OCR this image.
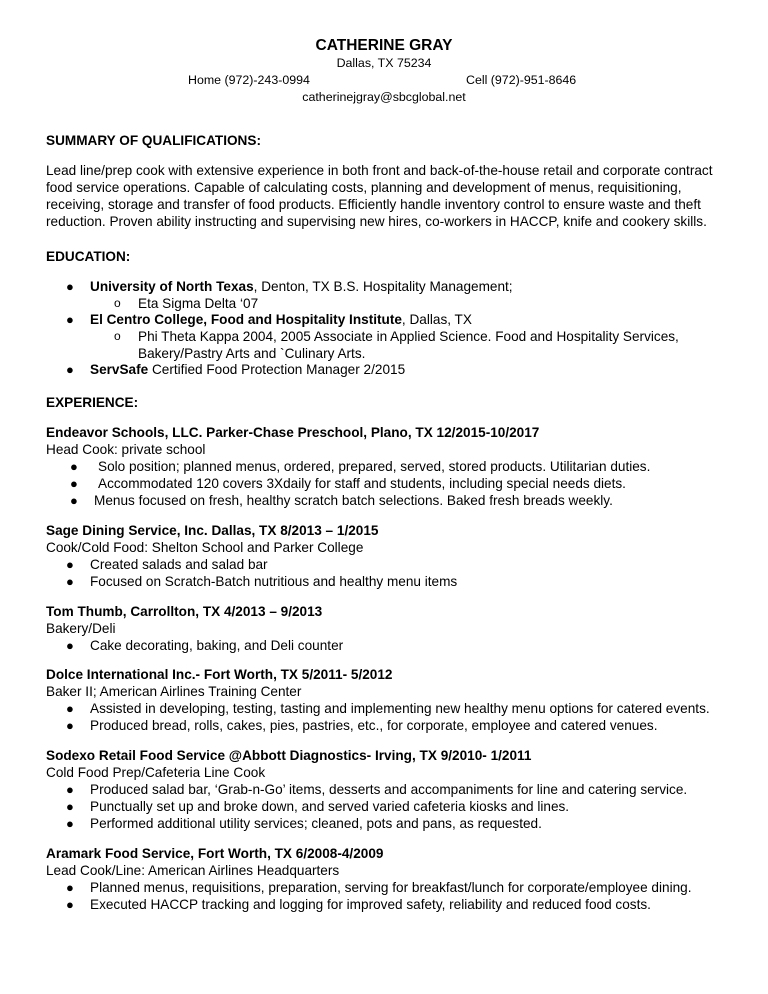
CATHERINE GRAY
Dallas, TX 75234
Home (972)-243-0994	Cell (972)-951-8646
catherinejgray@sbcglobal.net
SUMMARY OF QUALIFICATIONS:
Lead line/prep cook with extensive experience in both front and back-of-the-house retail and corporate contract
food service operations. Capable of calculating costs, planning and development of menus, requisitioning,
receiving, storage and transfer of food products. Efficiently handle inventory control to ensure waste and theft
reduction. Proven ability instructing and supervising new hires, co-workers in HACCP, knife and cookery skills.
EDUCATION:
● University of North Texas, Denton, TX B.S. Hospitality Management;
o Eta Sigma Delta ‘07
● El Centro College, Food and Hospitality Institute, Dallas, TX
o Phi Theta Kappa 2004, 2005 Associate in Applied Science. Food and Hospitality Services,
Bakery/Pastry Arts and `Culinary Arts.
● ServSafe Certified Food Protection Manager 2/2015
EXPERIENCE:
Endeavor Schools, LLC. Parker-Chase Preschool, Plano, TX 12/2015-10/2017
Head Cook: private school
● Solo position; planned menus, ordered, prepared, served, stored products. Utilitarian duties.
● Accommodated 120 covers 3Xdaily for staff and students, including special needs diets.
● Menus focused on fresh, healthy scratch batch selections. Baked fresh breads weekly.
Sage Dining Service, Inc. Dallas, TX 8/2013 – 1/2015
Cook/Cold Food: Shelton School and Parker College
● Created salads and salad bar
● Focused on Scratch-Batch nutritious and healthy menu items
Tom Thumb, Carrollton, TX 4/2013 – 9/2013
Bakery/Deli
● Cake decorating, baking, and Deli counter
Dolce International Inc.- Fort Worth, TX 5/2011- 5/2012
Baker II; American Airlines Training Center
● Assisted in developing, testing, tasting and implementing new healthy menu options for catered events.
● Produced bread, rolls, cakes, pies, pastries, etc., for corporate, employee and catered venues.
Sodexo Retail Food Service @Abbott Diagnostics- Irving, TX 9/2010- 1/2011
Cold Food Prep/Cafeteria Line Cook
● Produced salad bar, ‘Grab-n-Go’ items, desserts and accompaniments for line and catering service.
● Punctually set up and broke down, and served varied cafeteria kiosks and lines.
● Performed additional utility services; cleaned, pots and pans, as requested.
Aramark Food Service, Fort Worth, TX 6/2008-4/2009
Lead Cook/Line: American Airlines Headquarters
● Planned menus, requisitions, preparation, serving for breakfast/lunch for corporate/employee dining.
● Executed HACCP tracking and logging for improved safety, reliability and reduced food costs.
